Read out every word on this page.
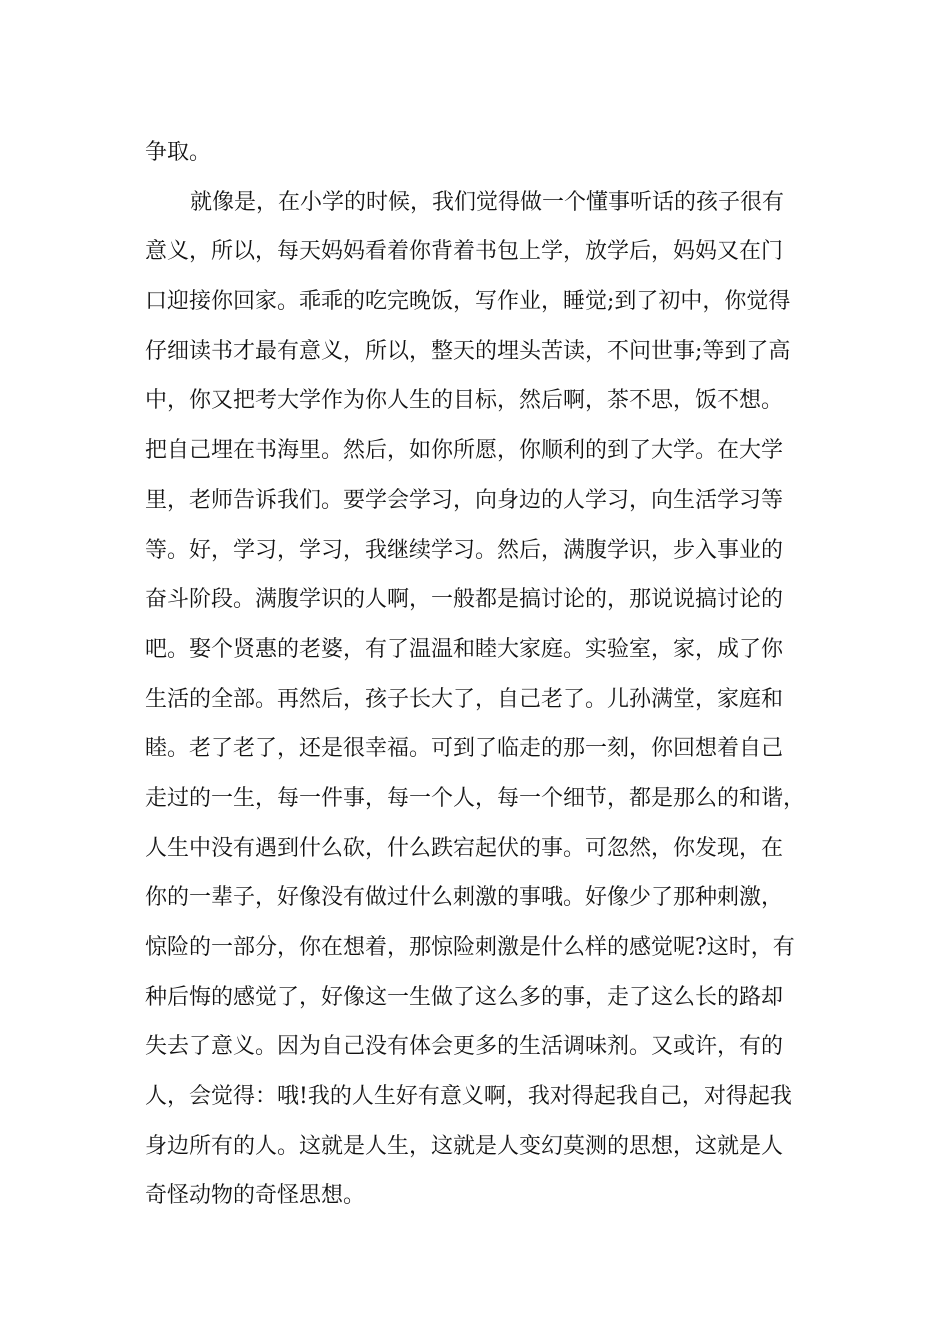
争取。
就像是，在小学的时候，我们觉得做一个懂事听话的孩子很有
意义，所以，每天妈妈看着你背着书包上学，放学后，妈妈又在门
口迎接你回家。乖乖的吃完晚饭，写作业，睡觉;到了初中，你觉得
仔细读书才最有意义，所以，整天的埋头苦读，不问世事;等到了高
中，你又把考大学作为你人生的目标，然后啊，茶不思，饭不想。
把自己埋在书海里。然后，如你所愿，你顺利的到了大学。在大学
里，老师告诉我们。要学会学习，向身边的人学习，向生活学习等
等。好，学习，学习，我继续学习。然后，满腹学识，步入事业的
奋斗阶段。满腹学识的人啊，一般都是搞讨论的，那说说搞讨论的
吧。娶个贤惠的老婆，有了温温和睦大家庭。实验室，家，成了你
生活的全部。再然后，孩子长大了，自己老了。儿孙满堂，家庭和
睦。老了老了，还是很幸福。可到了临走的那一刻，你回想着自己
走过的一生，每一件事，每一个人，每一个细节，都是那么的和谐，
人生中没有遇到什么砍，什么跌宕起伏的事。可忽然，你发现，在
你的一辈子，好像没有做过什么刺激的事哦。好像少了那种刺激，
惊险的一部分，你在想着，那惊险刺激是什么样的感觉呢?这时，有
种后悔的感觉了，好像这一生做了这么多的事，走了这么长的路却
失去了意义。因为自己没有体会更多的生活调味剂。又或许，有的
人，会觉得：哦!我的人生好有意义啊，我对得起我自己，对得起我
身边所有的人。这就是人生，这就是人变幻莫测的思想，这就是人
奇怪动物的奇怪思想。
